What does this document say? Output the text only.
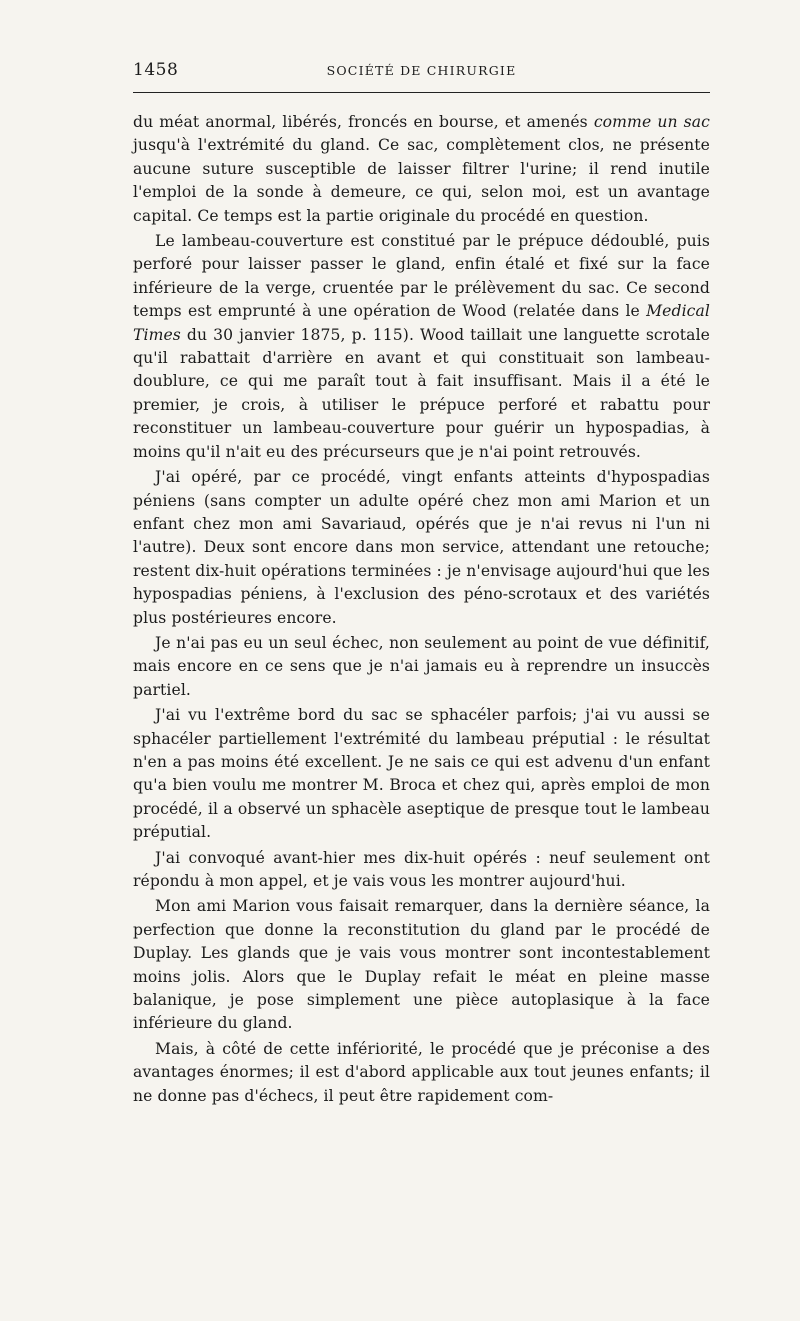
1458	SOCIÉTÉ DE CHIRURGIE

du méat anormal, libérés, froncés en bourse, et amenés comme un sac jusqu'à l'extrémité du gland. Ce sac, complètement clos, ne présente aucune suture susceptible de laisser filtrer l'urine; il rend inutile l'emploi de la sonde à demeure, ce qui, selon moi, est un avantage capital. Ce temps est la partie originale du procédé en question.

Le lambeau-couverture est constitué par le prépuce dédoublé, puis perforé pour laisser passer le gland, enfin étalé et fixé sur la face inférieure de la verge, cruentée par le prélèvement du sac. Ce second temps est emprunté à une opération de Wood (relatée dans le Medical Times du 30 janvier 1875, p. 115). Wood taillait une languette scrotale qu'il rabattait d'arrière en avant et qui constituait son lambeau-doublure, ce qui me paraît tout à fait insuffisant. Mais il a été le premier, je crois, à utiliser le prépuce perforé et rabattu pour reconstituer un lambeau-couverture pour guérir un hypospadias, à moins qu'il n'ait eu des précurseurs que je n'ai point retrouvés.

J'ai opéré, par ce procédé, vingt enfants atteints d'hypospadias péniens (sans compter un adulte opéré chez mon ami Marion et un enfant chez mon ami Savariaud, opérés que je n'ai revus ni l'un ni l'autre). Deux sont encore dans mon service, attendant une retouche; restent dix-huit opérations terminées : je n'envisage aujourd'hui que les hypospadias péniens, à l'exclusion des péno-scrotaux et des variétés plus postérieures encore.

Je n'ai pas eu un seul échec, non seulement au point de vue définitif, mais encore en ce sens que je n'ai jamais eu à reprendre un insuccès partiel.

J'ai vu l'extrême bord du sac se sphacéler parfois; j'ai vu aussi se sphacéler partiellement l'extrémité du lambeau préputial : le résultat n'en a pas moins été excellent. Je ne sais ce qui est advenu d'un enfant qu'a bien voulu me montrer M. Broca et chez qui, après emploi de mon procédé, il a observé un sphacèle aseptique de presque tout le lambeau préputial.

J'ai convoqué avant-hier mes dix-huit opérés : neuf seulement ont répondu à mon appel, et je vais vous les montrer aujourd'hui.

Mon ami Marion vous faisait remarquer, dans la dernière séance, la perfection que donne la reconstitution du gland par le procédé de Duplay. Les glands que je vais vous montrer sont incontestablement moins jolis. Alors que le Duplay refait le méat en pleine masse balanique, je pose simplement une pièce autoplasique à la face inférieure du gland.

Mais, à côté de cette infériorité, le procédé que je préconise a des avantages énormes; il est d'abord applicable aux tout jeunes enfants; il ne donne pas d'échecs, il peut être rapidement com-
